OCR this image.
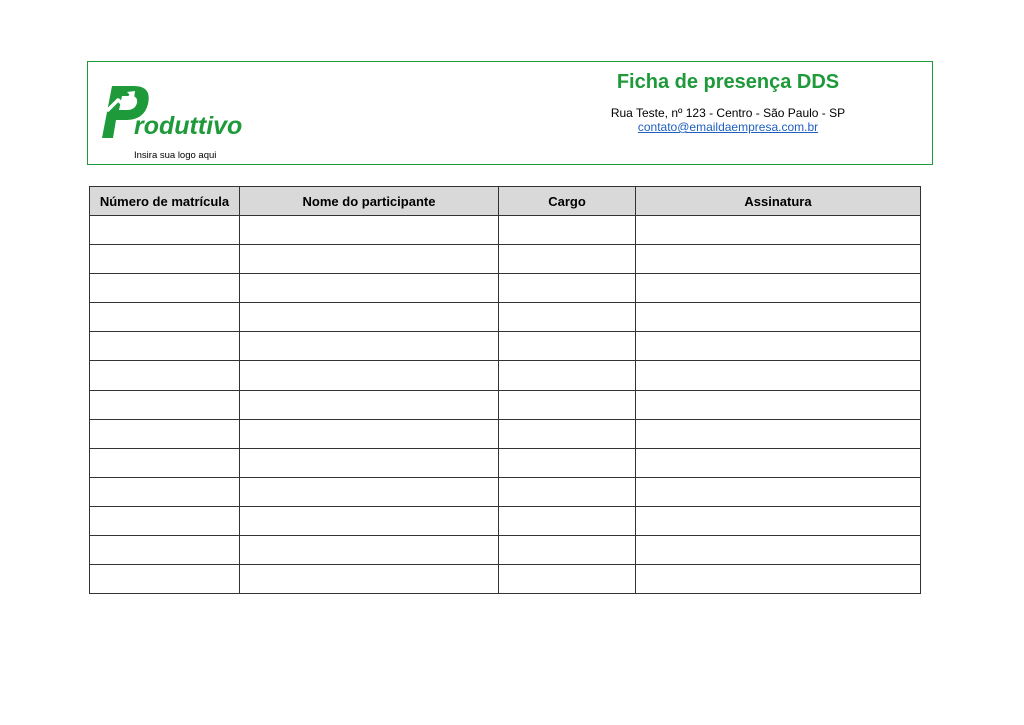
roduttivo
Insira sua logo aqui
Ficha de presença DDS
Rua Teste, nº 123 - Centro - São Paulo - SP
contato@emaildaempresa.com.br
Número de matrícula	Nome do participante	Cargo	Assinatura
